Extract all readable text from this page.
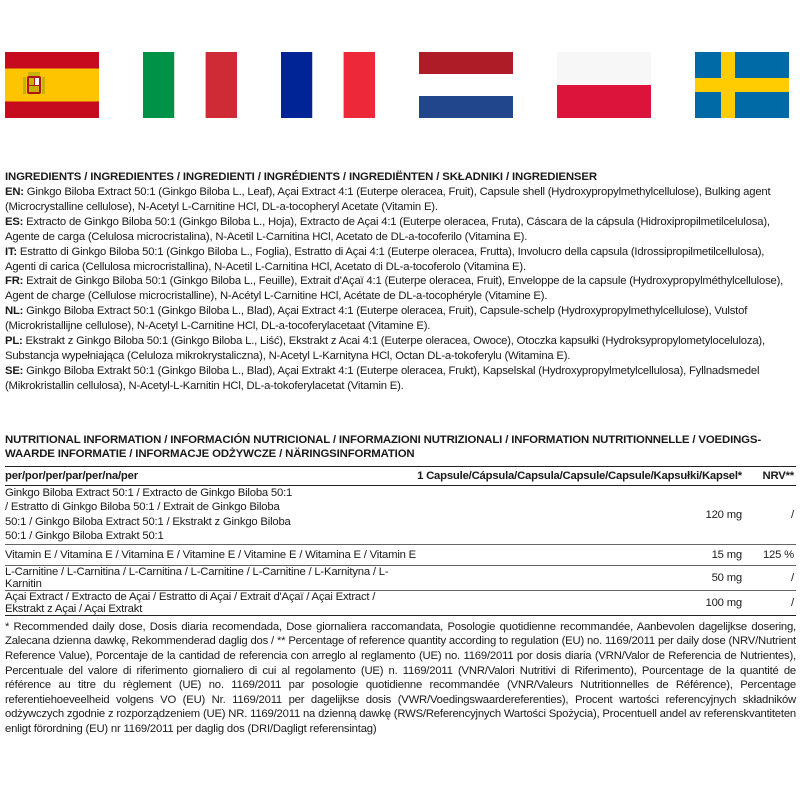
INGREDIENTS / INGREDIENTES / INGREDIENTI / INGRÉDIENTS / INGREDIËNTEN / SKŁADNIKI / INGREDIENSER

EN: Ginkgo Biloba Extract 50:1 (Ginkgo Biloba L., Leaf), Açai Extract 4:1 (Euterpe oleracea, Fruit), Capsule shell (Hydroxypropylmethylcellulose), Bulking agent (Microcrystalline cellulose), N-Acetyl L-Carnitine HCl, DL-a-tocopheryl Acetate (Vitamin E).

ES: Extracto de Ginkgo Biloba 50:1 (Ginkgo Biloba L., Hoja), Extracto de Açai 4:1 (Euterpe oleracea, Fruta), Cáscara de la cápsula (Hidroxipropilmetilcelulosa), Agente de carga (Celulosa microcristalina), N-Acetil L-Carnitina HCl, Acetato de DL-a-tocoferilo (Vitamina E).

IT: Estratto di Ginkgo Biloba 50:1 (Ginkgo Biloba L., Foglia), Estratto di Açai 4:1 (Euterpe oleracea, Frutta), Involucro della capsula (Idrossipropilmetilcellulosa), Agenti di carica (Cellulosa microcristallina), N-Acetil L-Carnitina HCl, Acetato di DL-a-tocoferolo (Vitamina E).

FR: Extrait de Ginkgo Biloba 50:1 (Ginkgo Biloba L., Feuille), Extrait d'Açaï 4:1 (Euterpe oleracea, Fruit), Enveloppe de la capsule (Hydroxypropylméthylcellulose), Agent de charge (Cellulose microcristalline), N-Acétyl L-Carnitine HCl, Acétate de DL-a-tocophéryle (Vitamine E).

NL: Ginkgo Biloba Extract 50:1 (Ginkgo Biloba L., Blad), Açai Extract 4:1 (Euterpe oleracea, Fruit), Capsule-schelp (Hydroxypropylmethylcellulose), Vulstof (Microkristallijne cellulose), N-Acetyl L-Carnitine HCl, DL-a-tocoferylacetaat (Vitamine E).

PL: Ekstrakt z Ginkgo Biloba 50:1 (Ginkgo Biloba L., Liść), Ekstrakt z Acai 4:1 (Euterpe oleracea, Owoce), Otoczka kapsułki (Hydroksypropylometyloceluloza), Substancja wypełniająca (Celuloza mikrokrystaliczna), N-Acetyl L-Karnityna HCl, Octan DL-a-tokoferylu (Witamina E).

SE: Ginkgo Biloba Extrakt 50:1 (Ginkgo Biloba L., Blad), Açai Extrakt 4:1 (Euterpe oleracea, Frukt), Kapselskal (Hydroxypropylmetylcellulosa), Fyllnadsmedel (Mikrokristallin cellulosa), N-Acetyl-L-Karnitin HCl, DL-a-tokoferylacetat (Vitamin E).

NUTRITIONAL INFORMATION / INFORMACIÓN NUTRICIONAL / INFORMAZIONI NUTRIZIONALI / INFORMATION NUTRITIONNELLE / VOEDINGS-WAARDE INFORMATIE / INFORMACJE ODŻYWCZE / NÄRINGSINFORMATION
per/por/per/par/per/na/per	1 Capsule/Cápsula/Capsula/Capsule/Capsule/Kapsułki/Kapsel*	NRV**
Ginkgo Biloba Extract 50:1 / Extracto de Ginkgo Biloba 50:1 / Estratto di Ginkgo Biloba 50:1 / Extrait de Ginkgo Biloba 50:1 / Ginkgo Biloba Extract 50:1 / Ekstrakt z Ginkgo Biloba 50:1 / Ginkgo Biloba Extrakt 50:1	120 mg	/
Vitamin E / Vitamina E / Vitamina E / Vitamine E / Vitamine E / Witamina E / Vitamin E	15 mg	125 %
L-Carnitine / L-Carnitina / L-Carnitina / L-Carnitine / L-Carnitine / L-Karnityna / L-Karnitin	50 mg	/
Açai Extract / Extracto de Açai / Estratto di Açai / Extrait d'Açaï / Açai Extract / Ekstrakt z Açai / Açai Extrakt	100 mg	/
* Recommended daily dose, Dosis diaria recomendada, Dose giornaliera raccomandata, Posologie quotidienne recommandée, Aanbevolen dagelijkse dosering, Zalecana dzienna dawkę, Rekommenderad daglig dos / ** Percentage of reference quantity according to regulation (EU) no. 1169/2011 per daily dose (NRV/Nutrient Reference Value), Porcentaje de la cantidad de referencia con arreglo al reglamento (UE) no. 1169/2011 por dosis diaria (VRN/Valor de Referencia de Nutrientes), Percentuale del valore di riferimento giornaliero di cui al regolamento (UE) n. 1169/2011 (VNR/Valori Nutritivi di Riferimento), Pourcentage de la quantité de référence au titre du règlement (UE) no. 1169/2011 par posologie quotidienne recommandée (VNR/Valeurs Nutritionnelles de Référence), Percentage referentiehoeveelheid volgens VO (EU) Nr. 1169/2011 per dagelijkse dosis (VWR/Voedingswaardereferenties), Procent wartości referencyjnych składników odżywczych zgodnie z rozporządzeniem (UE) NR. 1169/2011 na dzienną dawkę (RWS/Referencyjnych Wartości Spożycia), Procentuell andel av referenskvantiteten enligt förordning (EU) nr 1169/2011 per daglig dos (DRI/Dagligt referensintag)
